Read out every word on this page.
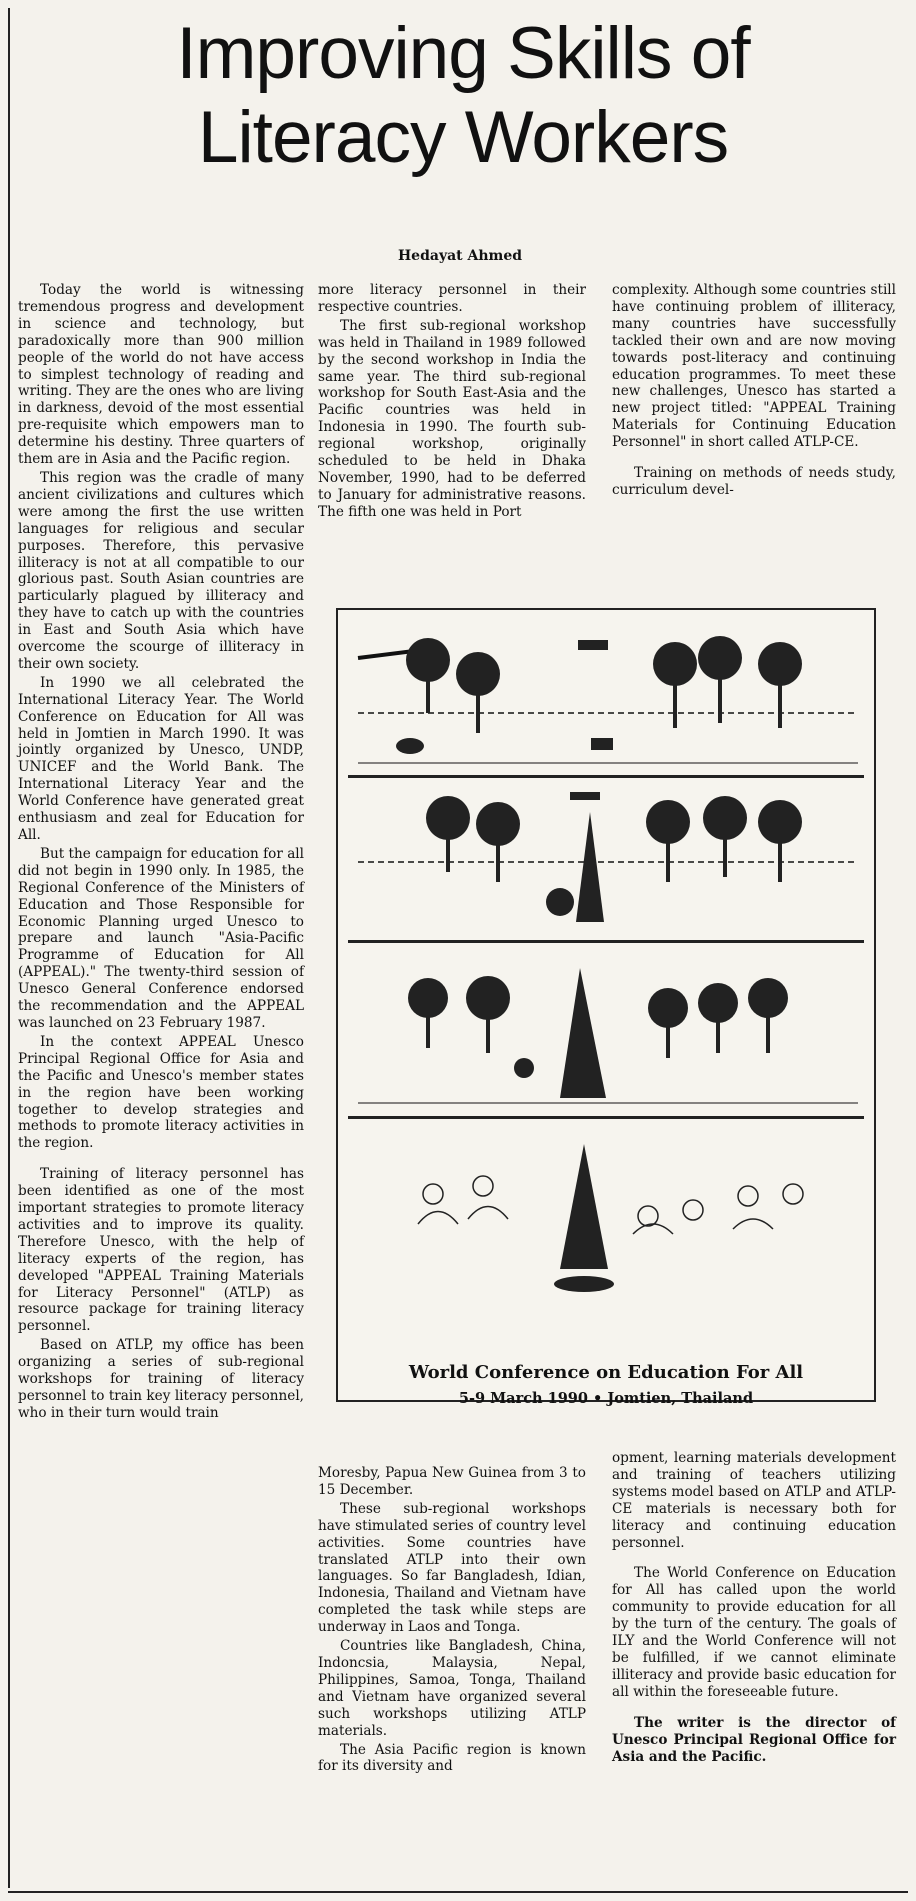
Improving Skills of
Literacy Workers

Hedayat Ahmed

Today the world is witnessing tremendous progress and development in science and technology, but paradoxically more than 900 million people of the world do not have access to simplest technology of reading and writing. They are the ones who are living in darkness, devoid of the most essential pre-requisite which empowers man to determine his destiny. Three quarters of them are in Asia and the Pacific region.

This region was the cradle of many ancient civilizations and cultures which were among the first the use written languages for religious and secular purposes. Therefore, this pervasive illiteracy is not at all compatible to our glorious past. South Asian countries are particularly plagued by illiteracy and they have to catch up with the countries in East and South Asia which have overcome the scourge of illiteracy in their own society.

In 1990 we all celebrated the International Literacy Year. The World Conference on Education for All was held in Jomtien in March 1990. It was jointly organized by Unesco, UNDP, UNICEF and the World Bank. The International Literacy Year and the World Conference have generated great enthusiasm and zeal for Education for All.

But the campaign for education for all did not begin in 1990 only. In 1985, the Regional Conference of the Ministers of Education and Those Responsible for Economic Planning urged Unesco to prepare and launch "Asia-Pacific Programme of Education for All (APPEAL)." The twenty-third session of Unesco General Conference endorsed the recommendation and the APPEAL was launched on 23 February 1987.

In the context APPEAL Unesco Principal Regional Office for Asia and the Pacific and Unesco's member states in the region have been working together to develop strategies and methods to promote literacy activities in the region.

Training of literacy personnel has been identified as one of the most important strategies to promote literacy activities and to improve its quality. Therefore Unesco, with the help of literacy experts of the region, has developed "APPEAL Training Materials for Literacy Personnel" (ATLP) as resource package for training literacy personnel.

Based on ATLP, my office has been organizing a series of sub-regional workshops for training of literacy personnel to train key literacy personnel, who in their turn would train

more literacy personnel in their respective countries.

The first sub-regional workshop was held in Thailand in 1989 followed by the second workshop in India the same year. The third sub-regional workshop for South East-Asia and the Pacific countries was held in Indonesia in 1990. The fourth sub-regional workshop, originally scheduled to be held in Dhaka November, 1990, had to be deferred to January for administrative reasons. The fifth one was held in Port

complexity. Although some countries still have continuing problem of illiteracy, many countries have successfully tackled their own and are now moving towards post-literacy and continuing education programmes. To meet these new challenges, Unesco has started a new project titled: "APPEAL Training Materials for Continuing Education Personnel" in short called ATLP-CE.

Training on methods of needs study, curriculum devel-

World Conference on Education For All

5-9 March 1990 • Jomtien, Thailand

Moresby, Papua New Guinea from 3 to 15 December.

These sub-regional workshops have stimulated series of country level activities. Some countries have translated ATLP into their own languages. So far Bangladesh, Idian, Indonesia, Thailand and Vietnam have completed the task while steps are underway in Laos and Tonga.

Countries like Bangladesh, China, Indoncsia, Malaysia, Nepal, Philippines, Samoa, Tonga, Thailand and Vietnam have organized several such workshops utilizing ATLP materials.

The Asia Pacific region is known for its diversity and

opment, learning materials development and training of teachers utilizing systems model based on ATLP and ATLP-CE materials is necessary both for literacy and continuing education personnel.

The World Conference on Education for All has called upon the world community to provide education for all by the turn of the century. The goals of ILY and the World Conference will not be fulfilled, if we cannot eliminate illiteracy and provide basic education for all within the foreseeable future.

The writer is the director of Unesco Principal Regional Office for Asia and the Pacific.
